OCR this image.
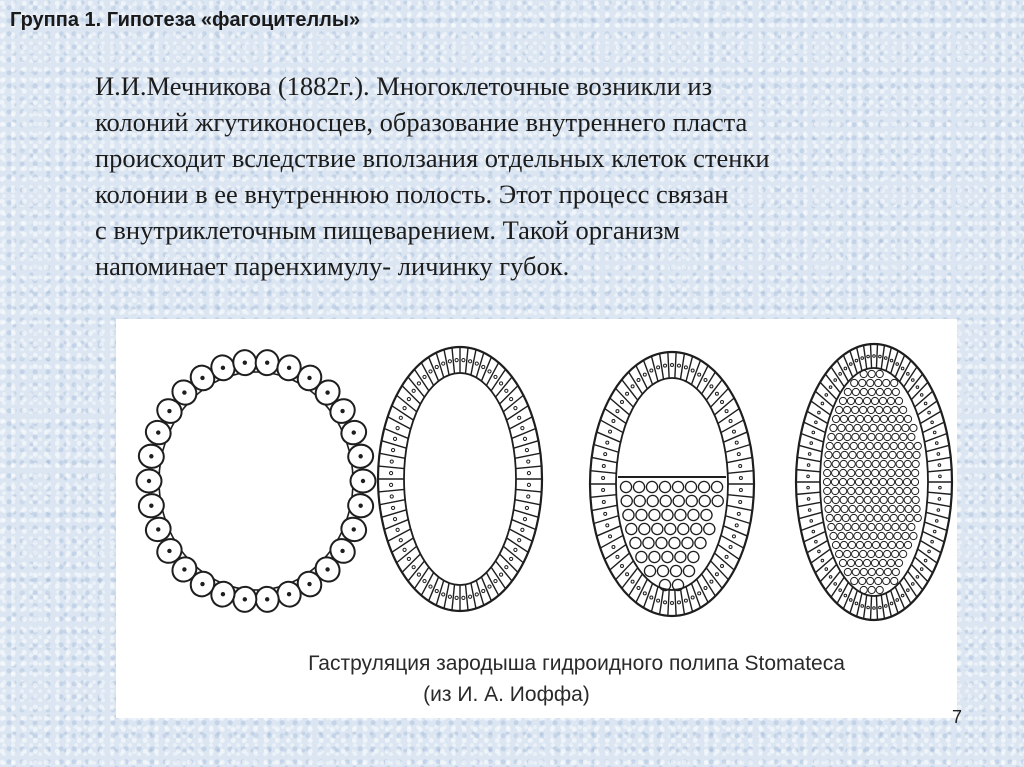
Группа 1. Гипотеза «фагоцителлы»
И.И.Мечникова (1882г.). Многоклеточные возникли из
колоний жгутиконосцев, образование внутреннего пласта
происходит вследствие вползания отдельных клеток стенки
колонии в ее внутреннюю полость. Этот процесс связан
с внутриклеточным пищеварением. Такой организм
напоминает паренхимулу- личинку губок.

Гаструляция зародыша гидроидного полипа Stomateca

(из И. А. Иоффа)

7
